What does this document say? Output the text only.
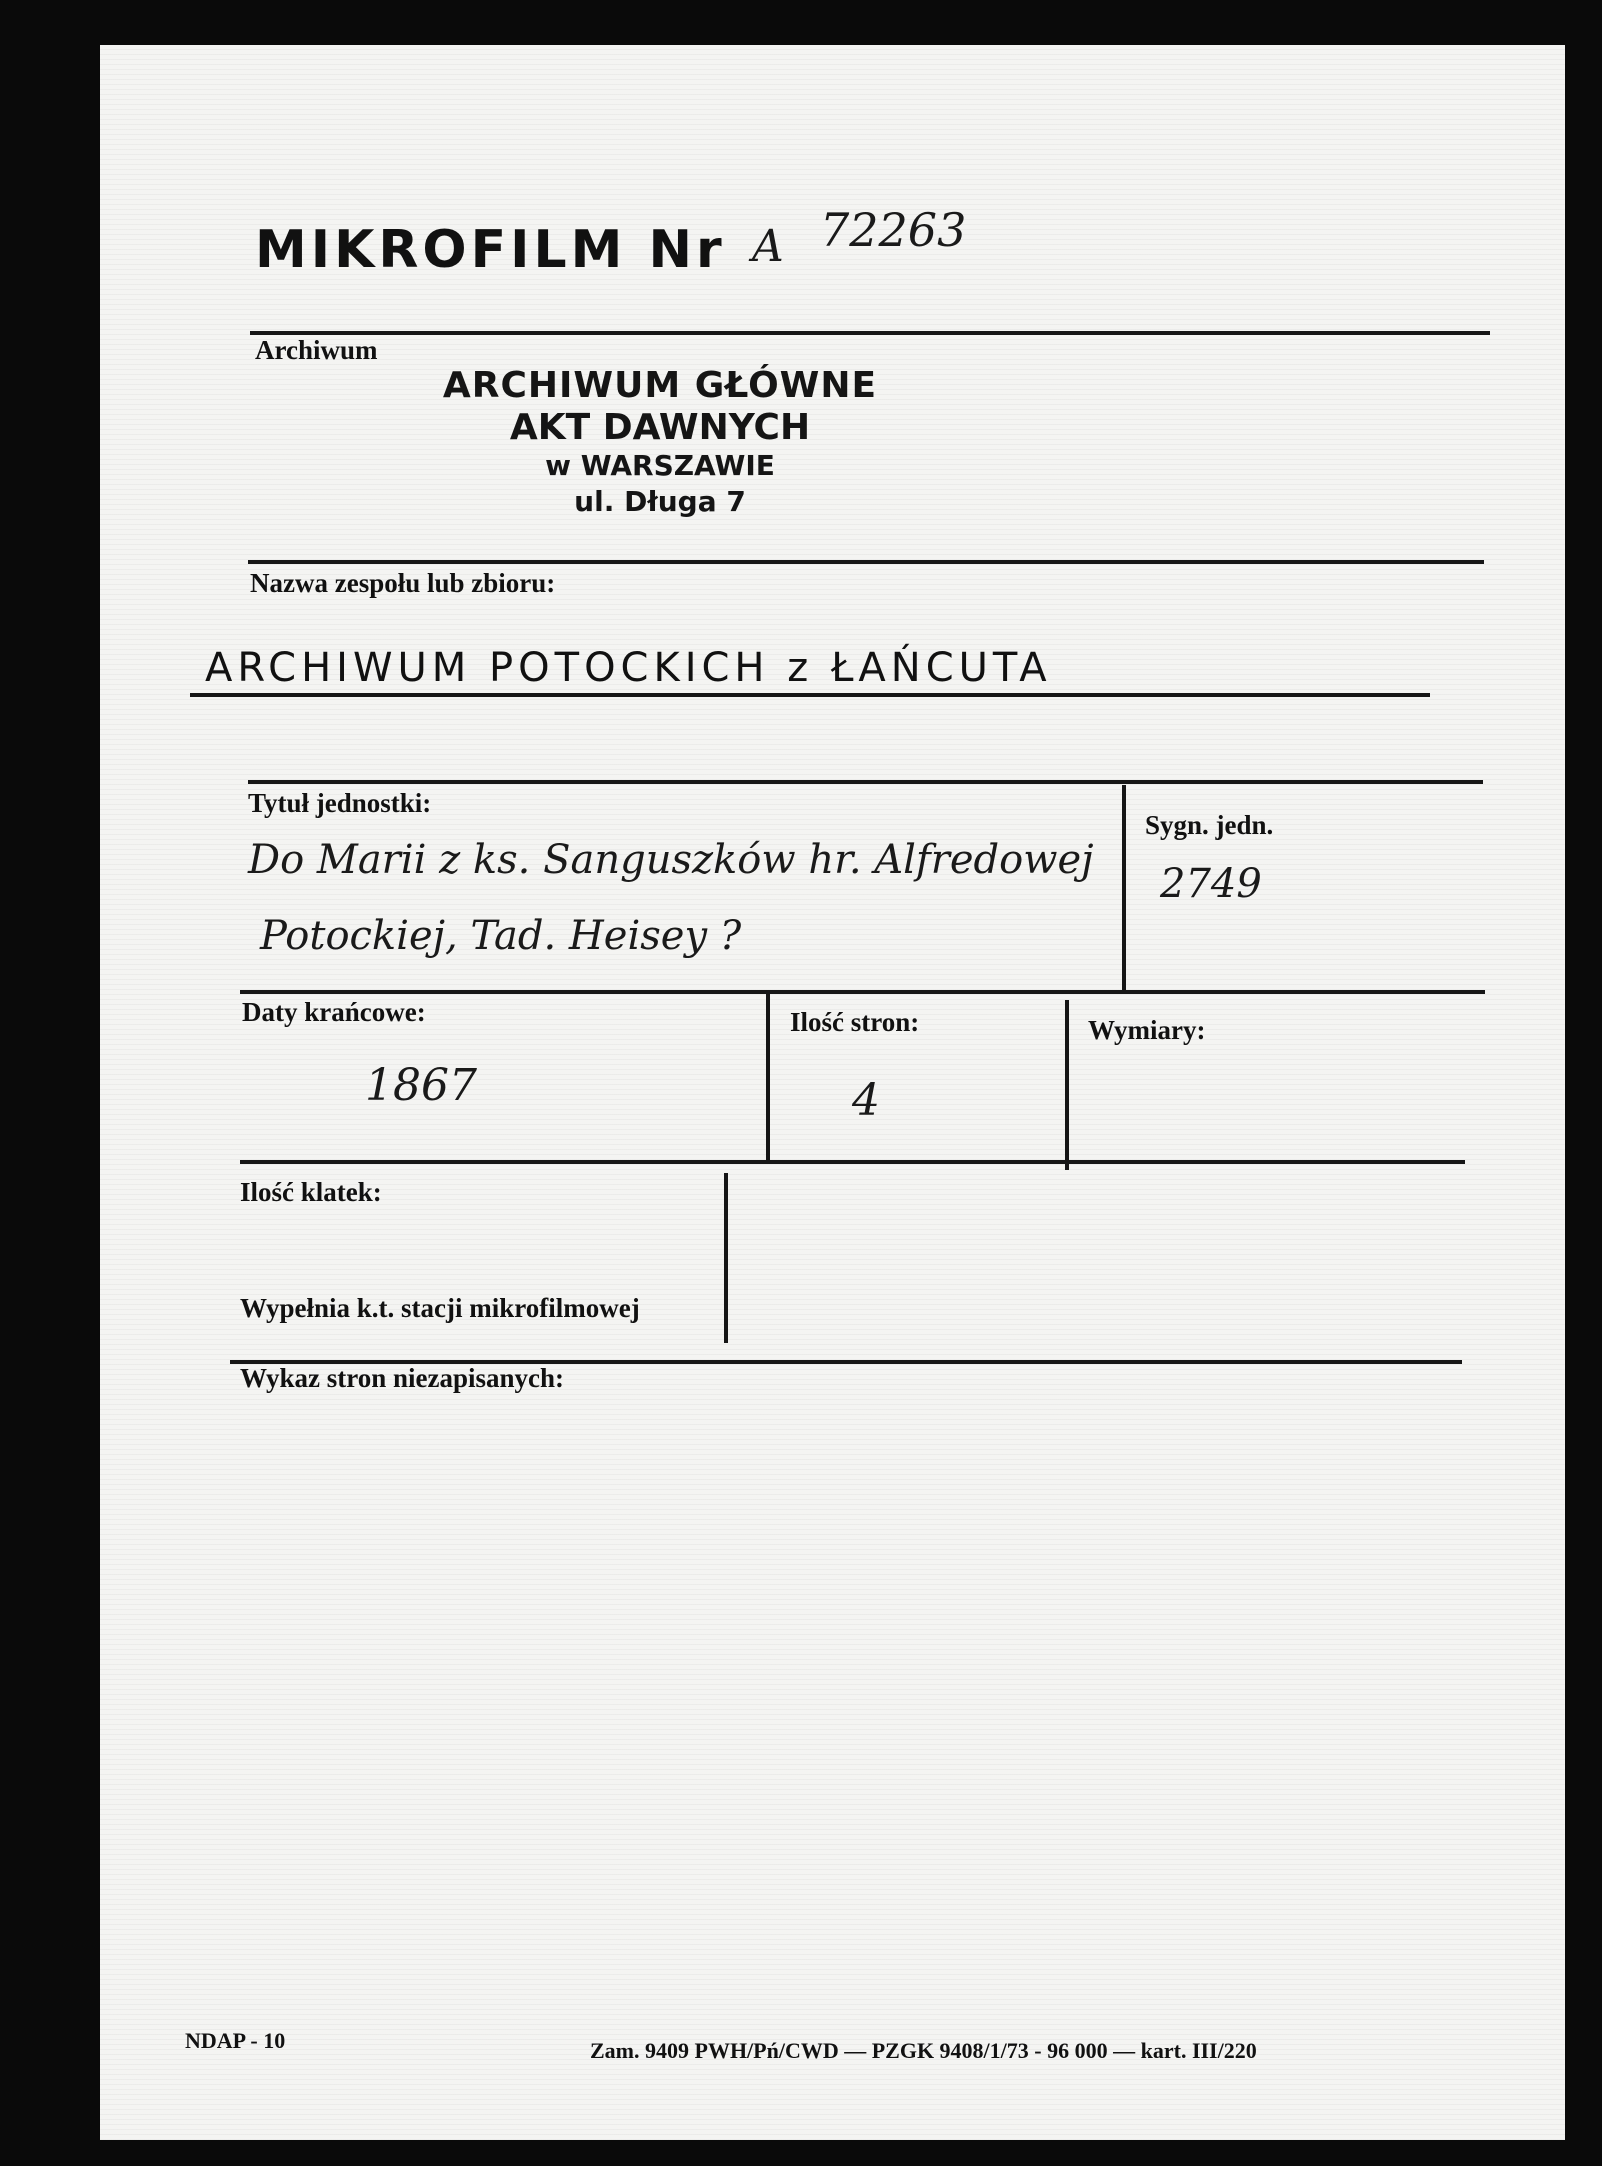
MIKROFILM Nr A 72263
Archiwum
ARCHIWUM GŁÓWNE
AKT DAWNYCH
w WARSZAWIE
ul. Długa 7
Nazwa zespołu lub zbioru:
ARCHIWUM POTOCKICH z ŁAŃCUTA
Tytuł jednostki:
Do Marii z ks. Sanguszków hr. Alfredowej
Potockiej, Tad. Heisey ?
Sygn. jedn.
2749
Daty krańcowe:
1867
Ilość stron:
4
Wymiary:
Ilość klatek:
Wypełnia k.t. stacji mikrofilmowej
Wykaz stron niezapisanych:
NDAP - 10	Zam. 9409 PWH/Pń/CWD — PZGK 9408/1/73 - 96 000 — kart. III/220
